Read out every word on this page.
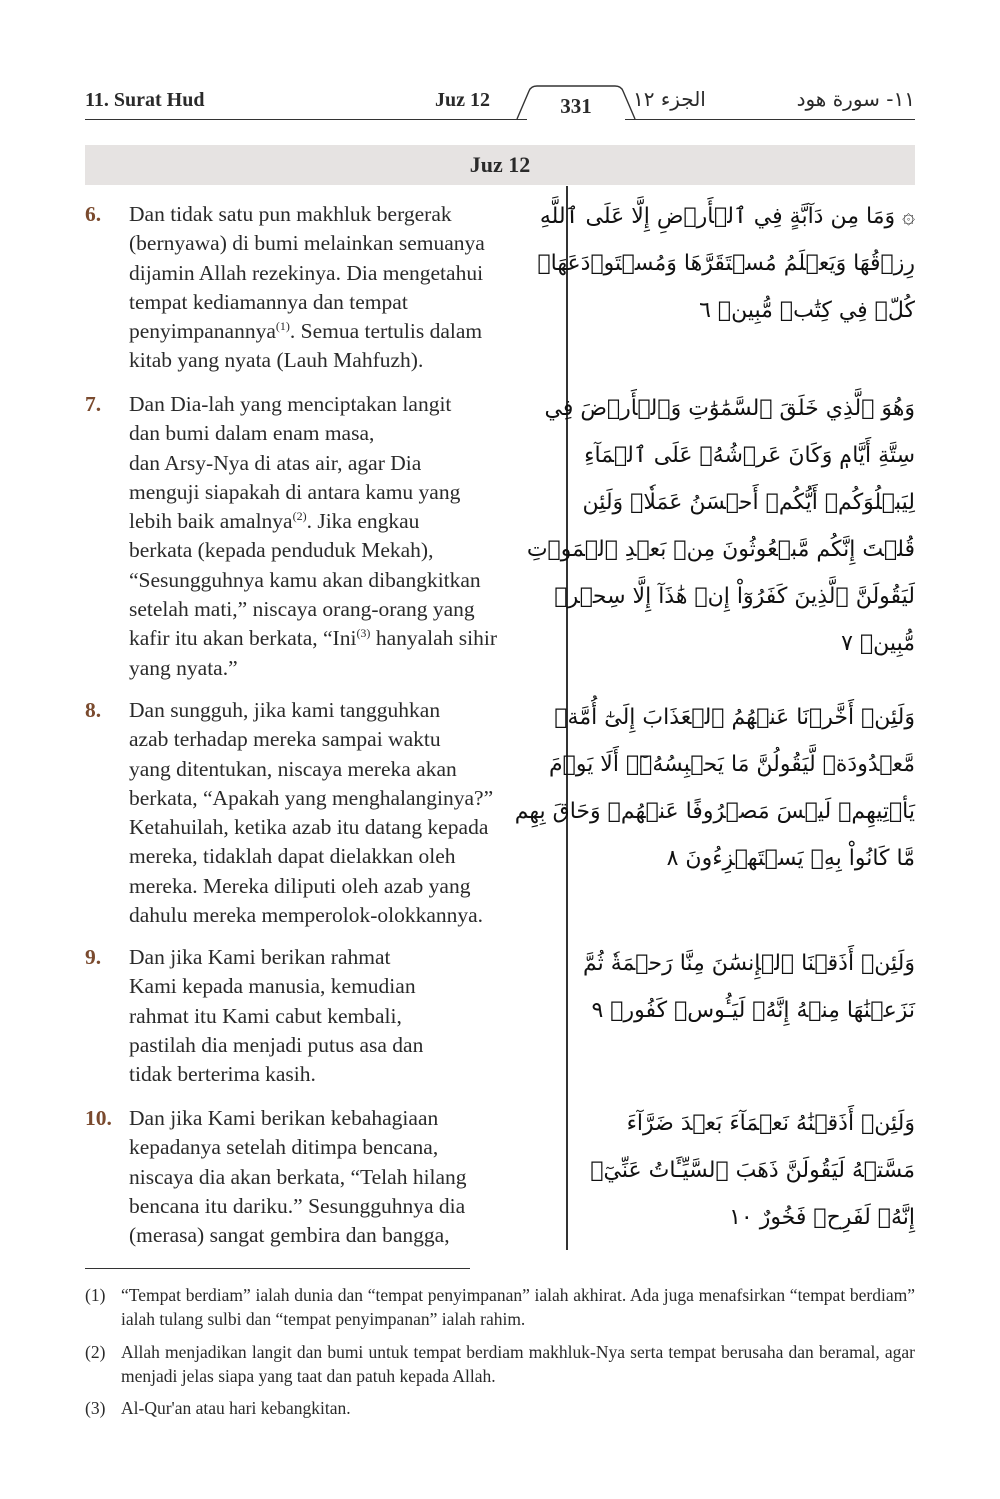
11. Surat Hud	Juz 12	331	الجزء ١٢	١١- سورة هود
Juz 12
6. Dan tidak satu pun makhluk bergerak
(bernyawa) di bumi melainkan semuanya
dijamin Allah rezekinya. Dia mengetahui
tempat kediamannya dan tempat
penyimpanannya$^{(1)}$. Semua tertulis dalam
kitab yang nyata (Lauh Mahfuzh).
۞ وَمَا مِن دَآبَّةٍ فِي ٱلۡأَرۡضِ إِلَّا عَلَى ٱللَّهِ
رِزۡقُهَا وَيَعۡلَمُ مُسۡتَقَرَّهَا وَمُسۡتَوۡدَعَهَاۚ
كُلّٞ فِي كِتَٰبٖ مُّبِينٖ ٦
7. Dan Dia-lah yang menciptakan langit
dan bumi dalam enam masa,
dan Arsy-Nya di atas air, agar Dia
menguji siapakah di antara kamu yang
lebih baik amalnya$^{(2)}$. Jika engkau
berkata (kepada penduduk Mekah),
“Sesungguhnya kamu akan dibangkitkan
setelah mati,” niscaya orang-orang yang
kafir itu akan berkata, “Ini$^{(3)}$ hanyalah sihir
yang nyata.”
وَهُوَ ٱلَّذِي خَلَقَ ٱلسَّمَٰوَٰتِ وَٱلۡأَرۡضَ فِي
سِتَّةِ أَيَّامٖ وَكَانَ عَرۡشُهُۥ عَلَى ٱلۡمَآءِ
لِيَبۡلُوَكُمۡ أَيُّكُمۡ أَحۡسَنُ عَمَلٗاۗ وَلَئِن
قُلۡتَ إِنَّكُم مَّبۡعُوثُونَ مِنۢ بَعۡدِ ٱلۡمَوۡتِ
لَيَقُولَنَّ ٱلَّذِينَ كَفَرُوٓاْ إِنۡ هَٰذَآ إِلَّا سِحۡرٞ
مُّبِينٞ ٧
8. Dan sungguh, jika kami tangguhkan
azab terhadap mereka sampai waktu
yang ditentukan, niscaya mereka akan
berkata, “Apakah yang menghalanginya?”
Ketahuilah, ketika azab itu datang kepada
mereka, tidaklah dapat dielakkan oleh
mereka. Mereka diliputi oleh azab yang
dahulu mereka memperolok-olokkannya.
وَلَئِنۡ أَخَّرۡنَا عَنۡهُمُ ٱلۡعَذَابَ إِلَىٰٓ أُمَّةٖ
مَّعۡدُودَةٖ لَّيَقُولُنَّ مَا يَحۡبِسُهُۥٓۗ أَلَا يَوۡمَ
يَأۡتِيهِمۡ لَيۡسَ مَصۡرُوفًا عَنۡهُمۡ وَحَاقَ بِهِم
مَّا كَانُواْ بِهِۦ يَسۡتَهۡزِءُونَ ٨
9. Dan jika Kami berikan rahmat
Kami kepada manusia, kemudian
rahmat itu Kami cabut kembali,
pastilah dia menjadi putus asa dan
tidak berterima kasih.
وَلَئِنۡ أَذَقۡنَا ٱلۡإِنسَٰنَ مِنَّا رَحۡمَةٗ ثُمَّ
نَزَعۡنَٰهَا مِنۡهُ إِنَّهُۥ لَيَـُٔوسٞ كَفُورٞ ٩
10. Dan jika Kami berikan kebahagiaan
kepadanya setelah ditimpa bencana,
niscaya dia akan berkata, “Telah hilang
bencana itu dariku.” Sesungguhnya dia
(merasa) sangat gembira dan bangga,
وَلَئِنۡ أَذَقۡنَٰهُ نَعۡمَآءَ بَعۡدَ ضَرَّآءَ
مَسَّتۡهُ لَيَقُولَنَّ ذَهَبَ ٱلسَّيِّـَٔاتُ عَنِّيٓۚ
إِنَّهُۥ لَفَرِحٞ فَخُورٌ ١٠
(1) “Tempat berdiam” ialah dunia dan “tempat penyimpanan” ialah akhirat. Ada juga menafsirkan “tempat berdiam” ialah tulang sulbi dan “tempat penyimpanan” ialah rahim.
(2) Allah menjadikan langit dan bumi untuk tempat berdiam makhluk-Nya serta tempat berusaha dan beramal, agar menjadi jelas siapa yang taat dan patuh kepada Allah.
(3) Al-Qur'an atau hari kebangkitan.
